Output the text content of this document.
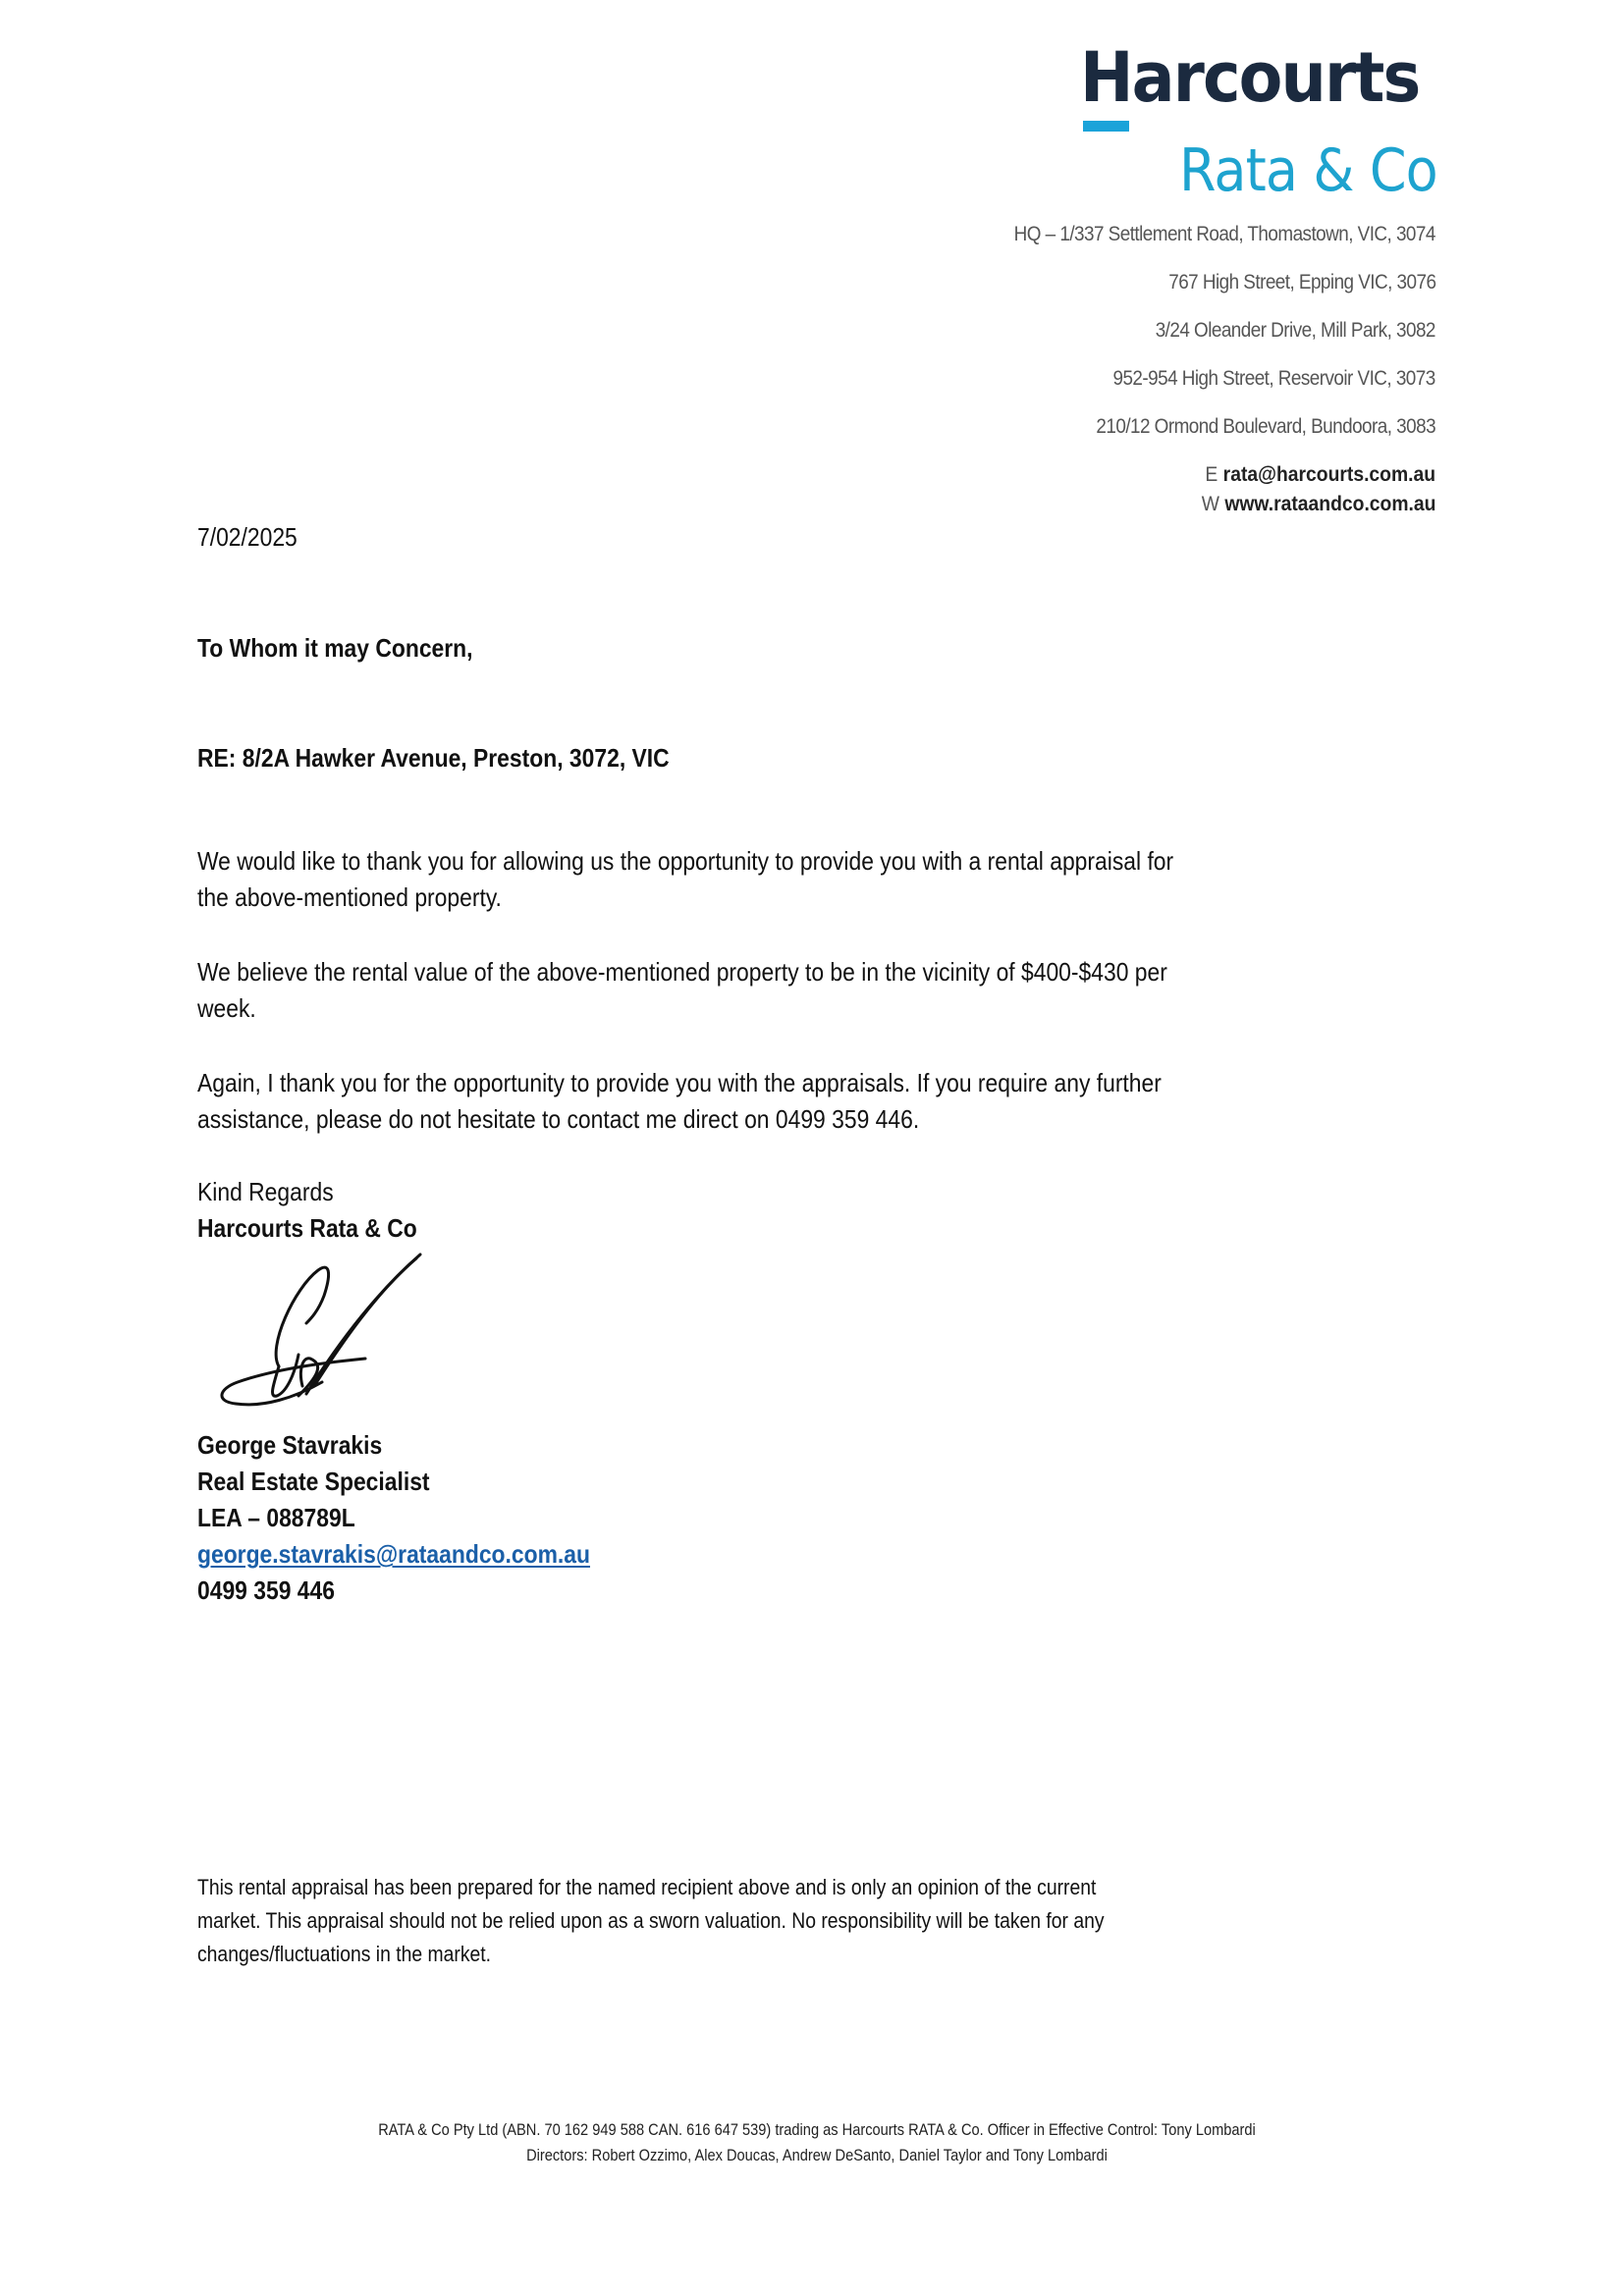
Harcourts
Rata & Co
HQ – 1/337 Settlement Road, Thomastown, VIC, 3074
767 High Street, Epping VIC, 3076
3/24 Oleander Drive, Mill Park, 3082
952-954 High Street, Reservoir VIC, 3073
210/12 Ormond Boulevard, Bundoora, 3083
E rata@harcourts.com.au
W www.rataandco.com.au
7/02/2025
To Whom it may Concern,
RE: 8/2A Hawker Avenue, Preston, 3072, VIC
We would like to thank you for allowing us the opportunity to provide you with a rental appraisal for
the above-mentioned property.
We believe the rental value of the above-mentioned property to be in the vicinity of $400-$430 per
week.
Again, I thank you for the opportunity to provide you with the appraisals. If you require any further
assistance, please do not hesitate to contact me direct on 0499 359 446.
Kind Regards
Harcourts Rata & Co
George Stavrakis
Real Estate Specialist
LEA – 088789L
george.stavrakis@rataandco.com.au
0499 359 446
This rental appraisal has been prepared for the named recipient above and is only an opinion of the current
market. This appraisal should not be relied upon as a sworn valuation. No responsibility will be taken for any
changes/fluctuations in the market.
RATA & Co Pty Ltd (ABN. 70 162 949 588 CAN. 616 647 539) trading as Harcourts RATA & Co. Officer in Effective Control: Tony Lombardi
Directors: Robert Ozzimo, Alex Doucas, Andrew DeSanto, Daniel Taylor and Tony Lombardi
